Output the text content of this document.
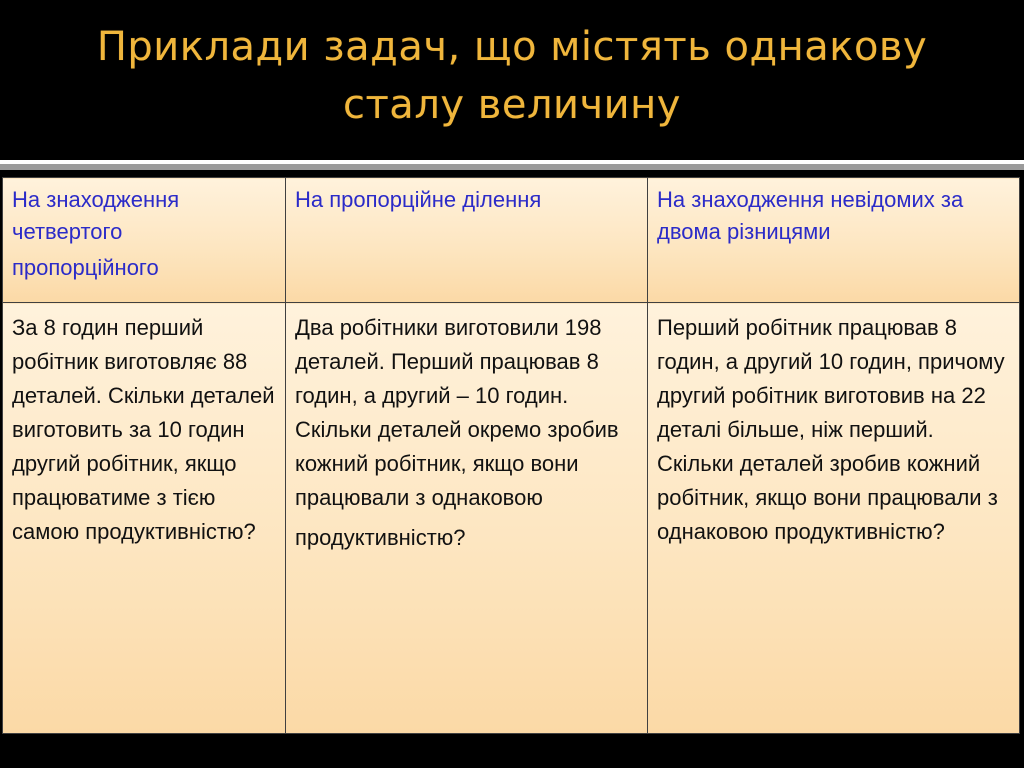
Приклади задач, що містять однакову
сталу величину
На знаходження четвертого
пропорційного	На пропорційне ділення	На знаходження невідомих за двома різницями
За 8 годин перший робітник виготовляє 88 деталей. Скільки деталей виготовить за 10 годин другий робітник, якщо працюватиме з тією самою продуктивністю?	Два робітники виготовили 198 деталей. Перший працював 8 годин, а другий – 10 годин. Скільки деталей окремо зробив кожний робітник, якщо вони працювали з однаковою
продуктивністю?	Перший робітник працював 8 годин, а другий 10 годин, причому другий робітник виготовив на 22 деталі більше, ніж перший. Скільки деталей зробив кожний робітник, якщо вони працювали з однаковою продуктивністю?
